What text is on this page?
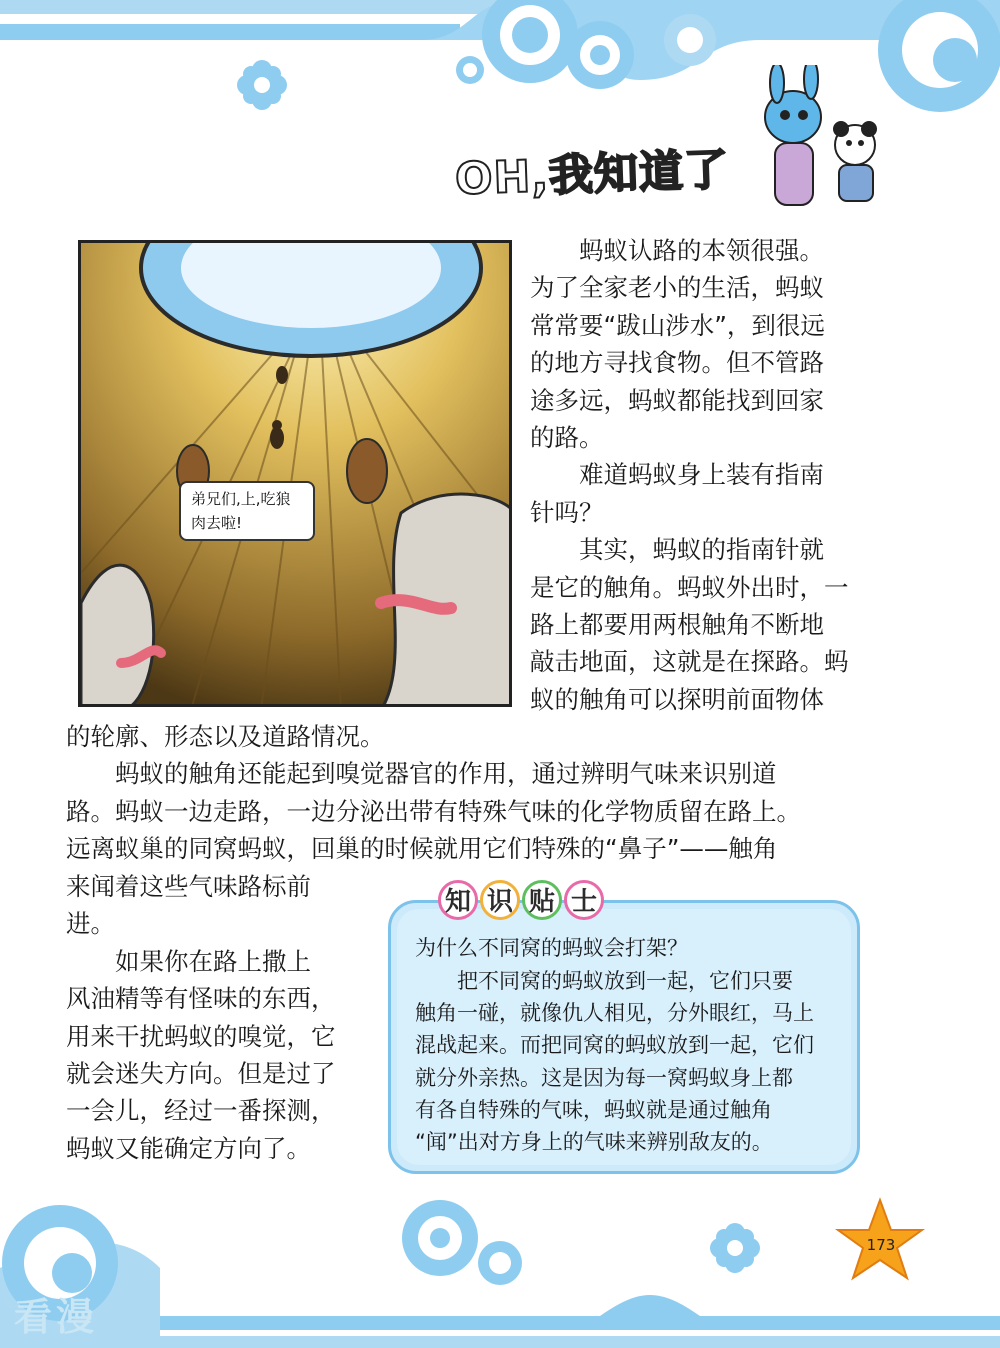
OH,我知道了
弟兄们,上,吃狼肉去啦!

　　蚂蚁认路的本领很强。

为了全家老小的生活，蚂蚁

常常要“跋山涉水”，到很远

的地方寻找食物。但不管路

途多远，蚂蚁都能找到回家

的路。

　　难道蚂蚁身上装有指南

针吗？

　　其实，蚂蚁的指南针就

是它的触角。蚂蚁外出时，一

路上都要用两根触角不断地

敲击地面，这就是在探路。蚂

蚁的触角可以探明前面物体

的轮廓、形态以及道路情况。

　　蚂蚁的触角还能起到嗅觉器官的作用，通过辨明气味来识别道

路。蚂蚁一边走路，一边分泌出带有特殊气味的化学物质留在路上。

远离蚁巢的同窝蚂蚁，回巢的时候就用它们特殊的“鼻子”——触角

来闻着这些气味路标前

进。

　　如果你在路上撒上

风油精等有怪味的东西，

用来干扰蚂蚁的嗅觉，它

就会迷失方向。但是过了

一会儿，经过一番探测，

蚂蚁又能确定方向了。

知 识 贴 士
为什么不同窝的蚂蚁会打架？

　　把不同窝的蚂蚁放到一起，它们只要

触角一碰，就像仇人相见，分外眼红，马上

混战起来。而把同窝的蚂蚁放到一起，它们

就分外亲热。这是因为每一窝蚂蚁身上都

有各自特殊的气味，蚂蚁就是通过触角

“闻”出对方身上的气味来辨别敌友的。

173
看漫
